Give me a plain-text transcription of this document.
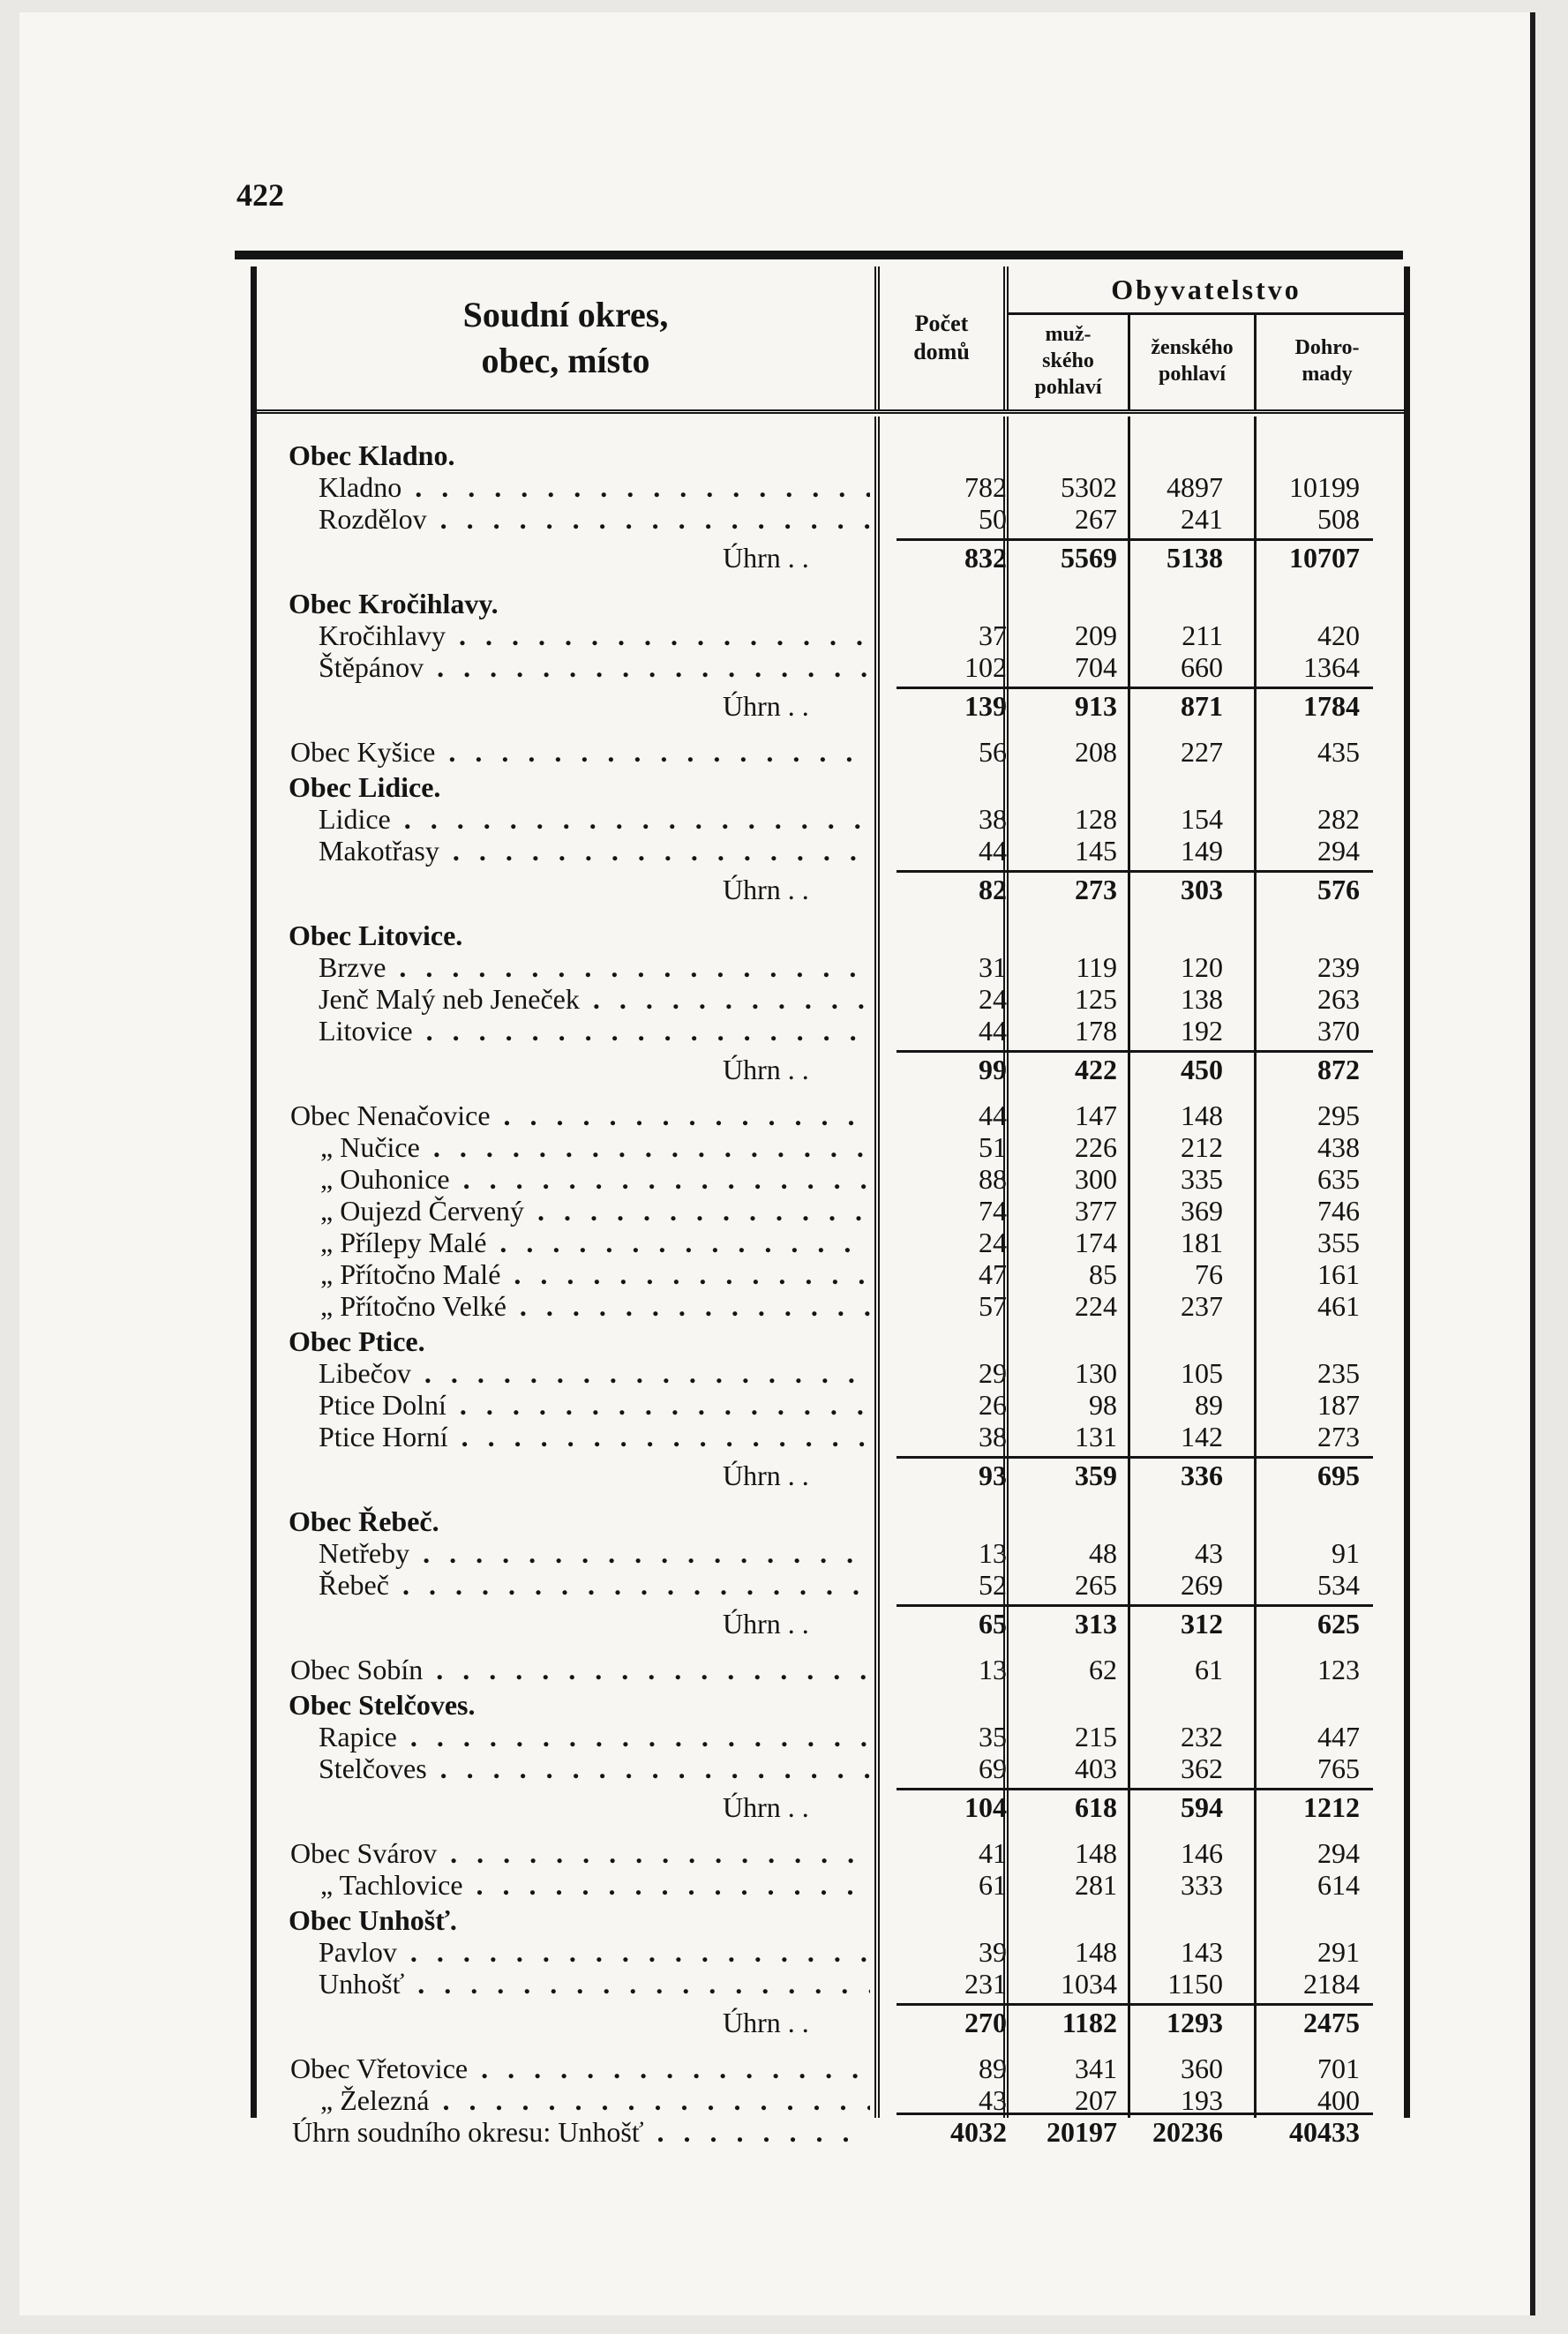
422
Soudní okres,
obec, místo
Počet
domů
Obyvatelstvo
muž-
ského
pohlaví
ženského
pohlaví
Dohro-
mady
Obec Kladno.
Kladno . . .	782	5302	4897	10199
Rozdělov . . .	50	267	241	508
Úhrn . .	832	5569	5138	10707
Obec Kročihlavy.
Kročihlavy . . .	37	209	211	420
Štěpánov . . .	102	704	660	1364
Úhrn . .	139	913	871	1784
Obec Kyšice . . .	56	208	227	435
Obec Lidice.
Lidice . . .	38	128	154	282
Makotřasy . . .	44	145	149	294
Úhrn . .	82	273	303	576
Obec Litovice.
Brzve . . .	31	119	120	239
Jenč Malý neb Jeneček . . .	24	125	138	263
Litovice . . .	44	178	192	370
Úhrn . .	99	422	450	872
Obec Nenačovice . . .	44	147	148	295
„ Nučice . . .	51	226	212	438
„ Ouhonice . . .	88	300	335	635
„ Oujezd Červený . . .	74	377	369	746
„ Přílepy Malé . . .	24	174	181	355
„ Přítočno Malé . . .	47	85	76	161
„ Přítočno Velké . . .	57	224	237	461
Obec Ptice.
Libečov . . .	29	130	105	235
Ptice Dolní . . .	26	98	89	187
Ptice Horní . . .	38	131	142	273
Úhrn . .	93	359	336	695
Obec Řebeč.
Netřeby . . .	13	48	43	91
Řebeč . . .	52	265	269	534
Úhrn . .	65	313	312	625
Obec Sobín . . .	13	62	61	123
Obec Stelčoves.
Rapice . . .	35	215	232	447
Stelčoves . . .	69	403	362	765
Úhrn . .	104	618	594	1212
Obec Svárov . . .	41	148	146	294
„ Tachlovice . . .	61	281	333	614
Obec Unhošť.
Pavlov . . .	39	148	143	291
Unhošť . . .	231	1034	1150	2184
Úhrn . .	270	1182	1293	2475
Obec Vřetovice . . .	89	341	360	701
„ Železná . . .	43	207	193	400
Úhrn soudního okresu: Unhošť . . .	4032	20197	20236	40433
